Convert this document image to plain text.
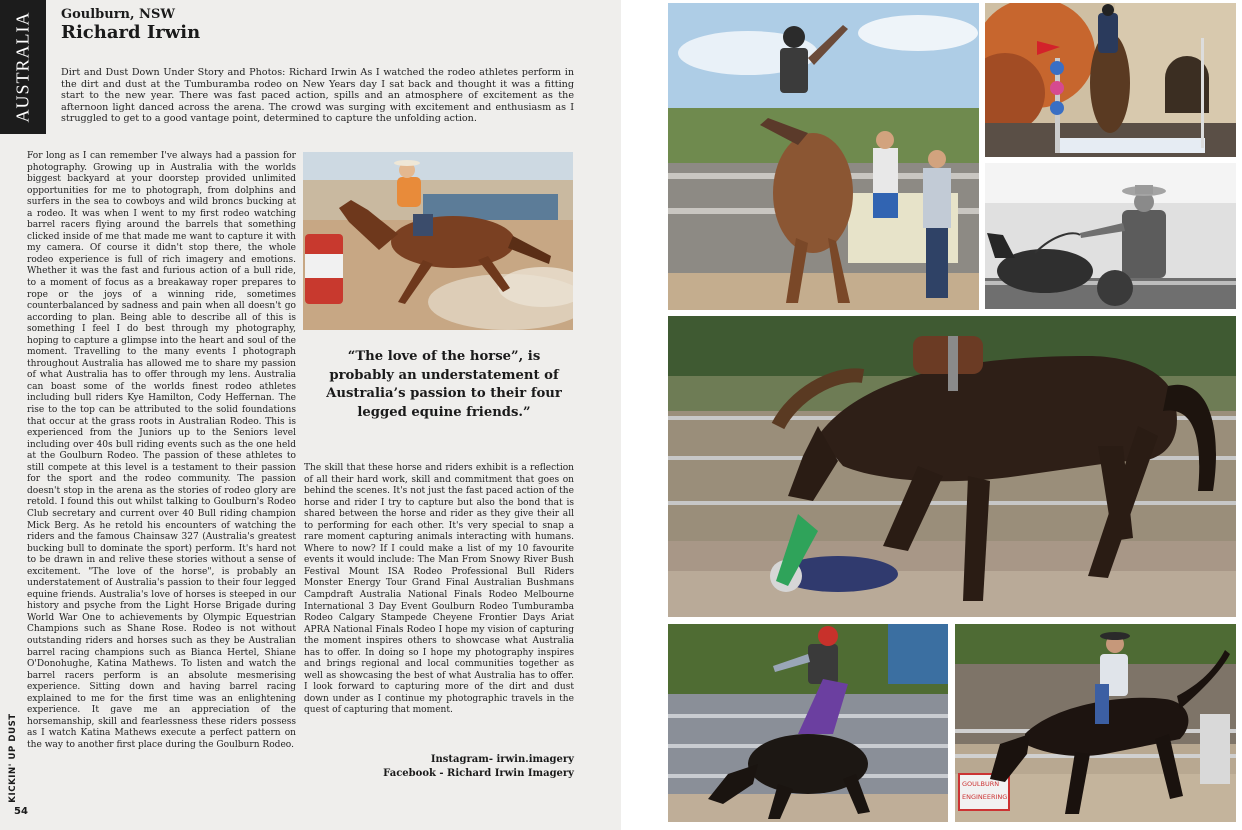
AUSTRALIA Goulburn, NSW
Richard Irwin

Dirt and Dust Down Under Story and Photos: Richard Irwin As I watched the rodeo athletes perform in the dirt and dust at the Tumburamba rodeo on New Years day I sat back and thought it was a fitting start to the new year. There was fast paced action, spills and an atmosphere of excitement as the afternoon light danced across the arena. The crowd was surging with excitement and enthusiasm as I struggled to get to a good vantage point, determined to capture the unfolding action.

For long as I can remember I've always had a passion for photography. Growing up in Australia with the worlds biggest backyard at your doorstep provided unlimited opportunities for me to photograph, from dolphins and surfers in the sea to cowboys and wild broncs bucking at a rodeo. It was when I went to my first rodeo watching barrel racers flying around the barrels that something clicked inside of me that made me want to capture it with my camera. Of course it didn't stop there, the whole rodeo experience is full of rich imagery and emotions. Whether it was the fast and furious action of a bull ride, to a moment of focus as a breakaway roper prepares to rope or the joys of a winning ride, sometimes counterbalanced by sadness and pain when all doesn't go according to plan. Being able to describe all of this is something I feel I do best through my photography, hoping to capture a glimpse into the heart and soul of the moment. Travelling to the many events I photograph throughout Australia has allowed me to share my passion of what Australia has to offer through my lens. Australia can boast some of the worlds finest rodeo athletes including bull riders Kye Hamilton, Cody Heffernan. The rise to the top can be attributed to the solid foundations that occur at the grass roots in Australian Rodeo. This is experienced from the Juniors up to the Seniors level including over 40s bull riding events such as the one held at the Goulburn Rodeo. The passion of these athletes to still compete at this level is a testament to their passion for the sport and the rodeo community. The passion doesn't stop in the arena as the stories of rodeo glory are retold. I found this out whilst talking to Goulburn's Rodeo Club secretary and current over 40 Bull riding champion Mick Berg. As he retold his encounters of watching the riders and the famous Chainsaw 327 (Australia's greatest bucking bull to dominate the sport) perform. It's hard not to be drawn in and relive these stories without a sense of excitement. "The love of the horse", is probably an understatement of Australia's passion to their four legged equine friends. Australia's love of horses is steeped in our history and psyche from the Light Horse Brigade during World War One to achievements by Olympic Equestrian Champions such as Shane Rose. Rodeo is not without outstanding riders and horses such as they be Australian barrel racing champions such as Bianca Hertel, Shiane O'Donohughe, Katina Mathews. To listen and watch the barrel racers perform is an absolute mesmerising experience. Sitting down and having barrel racing explained to me for the first time was an enlightening experience. It gave me an appreciation of the horsemanship, skill and fearlessness these riders possess as I watch Katina Mathews execute a perfect pattern on the way to another first place during the Goulburn Rodeo.

“The love of the horse”, is probably an understatement of Australia’s passion to their four legged equine friends.”

The skill that these horse and riders exhibit is a reflection of all their hard work, skill and commitment that goes on behind the scenes. It's not just the fast paced action of the horse and rider I try to capture but also the bond that is shared between the horse and rider as they give their all to performing for each other. It's very special to snap a rare moment capturing animals interacting with humans. Where to now? If I could make a list of my 10 favourite events it would include: The Man From Snowy River Bush Festival Mount ISA Rodeo Professional Bull Riders Monster Energy Tour Grand Final Australian Bushmans Campdraft Australia National Finals Rodeo Melbourne International 3 Day Event Goulburn Rodeo Tumburamba Rodeo Calgary Stampede Cheyene Frontier Days Ariat APRA National Finals Rodeo I hope my vision of capturing the moment inspires others to showcase what Australia has to offer. In doing so I hope my photography inspires and brings regional and local communities together as well as showcasing the best of what Australia has to offer. I look forward to capturing more of the dirt and dust down under as I continue my photographic travels in the quest of capturing that moment.

Instagram- irwin.imagery
Facebook - Richard Irwin Imagery
KICKIN' UP DUST
54
GOULBURN
ENGINEERING
